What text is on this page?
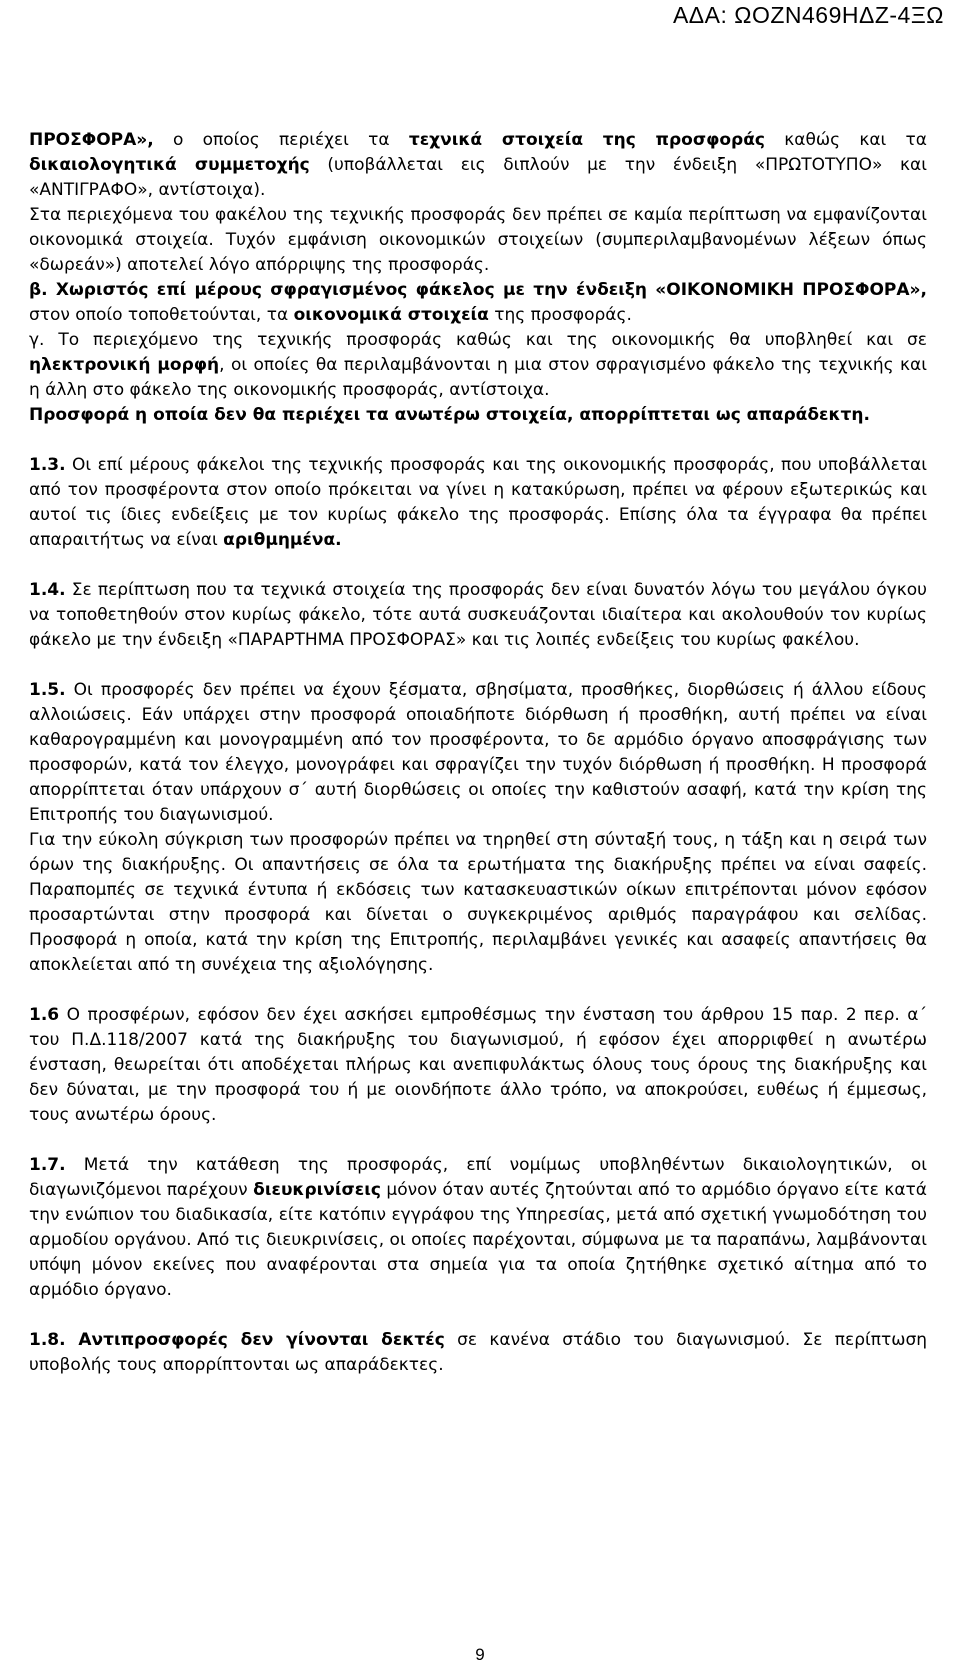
ΑΔΑ: ΩΟΖΝ469ΗΔΖ-4ΞΩ

ΠΡΟΣΦΟΡΑ», ο οποίος περιέχει τα τεχνικά στοιχεία της προσφοράς καθώς και τα δικαιολογητικά συμμετοχής (υποβάλλεται εις διπλούν με την ένδειξη «ΠΡΩΤΟΤΥΠΟ» και «ΑΝΤΙΓΡΑΦΟ», αντίστοιχα).

Στα περιεχόμενα του φακέλου της τεχνικής προσφοράς δεν πρέπει σε καμία περίπτωση να εμφανίζονται οικονομικά στοιχεία. Τυχόν εμφάνιση οικονομικών στοιχείων (συμπεριλαμβανομένων λέξεων όπως «δωρεάν») αποτελεί λόγο απόρριψης της προσφοράς.

β. Χωριστός επί μέρους σφραγισμένος φάκελος με την ένδειξη «ΟΙΚΟΝΟΜΙΚΗ ΠΡΟΣΦΟΡΑ», στον οποίο τοποθετούνται, τα οικονομικά στοιχεία της προσφοράς.

γ. Το περιεχόμενο της τεχνικής προσφοράς καθώς και της οικονομικής θα υποβληθεί και σε ηλεκτρονική μορφή, οι οποίες θα περιλαμβάνονται η μια στον σφραγισμένο φάκελο της τεχνικής και η άλλη στο φάκελο της οικονομικής προσφοράς, αντίστοιχα.

Προσφορά η οποία δεν θα περιέχει τα ανωτέρω στοιχεία, απορρίπτεται ως απαράδεκτη.

1.3. Οι επί μέρους φάκελοι της τεχνικής προσφοράς και της οικονομικής προσφοράς, που υποβάλλεται από τον προσφέροντα στον οποίο πρόκειται να γίνει η κατακύρωση, πρέπει να φέρουν εξωτερικώς και αυτοί τις ίδιες ενδείξεις με τον κυρίως φάκελο της προσφοράς. Επίσης όλα τα έγγραφα θα πρέπει απαραιτήτως να είναι αριθμημένα.

1.4. Σε περίπτωση που τα τεχνικά στοιχεία της προσφοράς δεν είναι δυνατόν λόγω του μεγάλου όγκου να τοποθετηθούν στον κυρίως φάκελο, τότε αυτά συσκευάζονται ιδιαίτερα και ακολουθούν τον κυρίως φάκελο με την ένδειξη «ΠΑΡΑΡΤΗΜΑ ΠΡΟΣΦΟΡΑΣ» και τις λοιπές ενδείξεις του κυρίως φακέλου.

1.5. Οι προσφορές δεν πρέπει να έχουν ξέσματα, σβησίματα, προσθήκες, διορθώσεις ή άλλου είδους αλλοιώσεις. Εάν υπάρχει στην προσφορά οποιαδήποτε διόρθωση ή προσθήκη, αυτή πρέπει να είναι καθαρογραμμένη και μονογραμμένη από τον προσφέροντα, το δε αρμόδιο όργανο αποσφράγισης των προσφορών, κατά τον έλεγχο, μονογράφει και σφραγίζει την τυχόν διόρθωση ή προσθήκη. Η προσφορά απορρίπτεται όταν υπάρχουν σ΄ αυτή διορθώσεις οι οποίες την καθιστούν ασαφή, κατά την κρίση της Επιτροπής του διαγωνισμού.

Για την εύκολη σύγκριση των προσφορών πρέπει να τηρηθεί στη σύνταξή τους, η τάξη και η σειρά των όρων της διακήρυξης. Οι απαντήσεις σε όλα τα ερωτήματα της διακήρυξης πρέπει να είναι σαφείς. Παραπομπές σε τεχνικά έντυπα ή εκδόσεις των κατασκευαστικών οίκων επιτρέπονται μόνον εφόσον προσαρτώνται στην προσφορά και δίνεται ο συγκεκριμένος αριθμός παραγράφου και σελίδας. Προσφορά η οποία, κατά την κρίση της Επιτροπής, περιλαμβάνει γενικές και ασαφείς απαντήσεις θα αποκλείεται από τη συνέχεια της αξιολόγησης.

1.6 Ο προσφέρων, εφόσον δεν έχει ασκήσει εμπροθέσμως την ένσταση του άρθρου 15 παρ. 2 περ. α΄ του Π.Δ.118/2007 κατά της διακήρυξης του διαγωνισμού, ή εφόσον έχει απορριφθεί η ανωτέρω ένσταση, θεωρείται ότι αποδέχεται πλήρως και ανεπιφυλάκτως όλους τους όρους της διακήρυξης και δεν δύναται, με την προσφορά του ή με οιονδήποτε άλλο τρόπο, να αποκρούσει, ευθέως ή έμμεσως, τους ανωτέρω όρους.

1.7. Μετά την κατάθεση της προσφοράς, επί νομίμως υποβληθέντων δικαιολογητικών, οι διαγωνιζόμενοι παρέχουν διευκρινίσεις μόνον όταν αυτές ζητούνται από το αρμόδιο όργανο είτε κατά την ενώπιον του διαδικασία, είτε κατόπιν εγγράφου της Υπηρεσίας, μετά από σχετική γνωμοδότηση του αρμοδίου οργάνου. Από τις διευκρινίσεις, οι οποίες παρέχονται, σύμφωνα με τα παραπάνω, λαμβάνονται υπόψη μόνον εκείνες που αναφέρονται στα σημεία για τα οποία ζητήθηκε σχετικό αίτημα από το αρμόδιο όργανο.

1.8. Αντιπροσφορές δεν γίνονται δεκτές σε κανένα στάδιο του διαγωνισμού. Σε περίπτωση υποβολής τους απορρίπτονται ως απαράδεκτες.

9
